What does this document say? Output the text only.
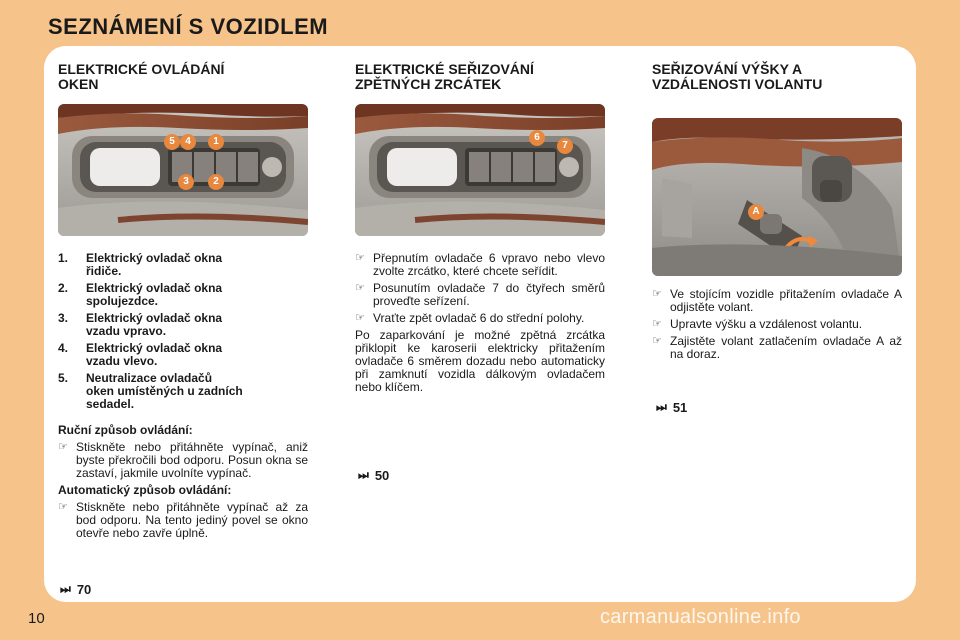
SEZNÁMENÍ S VOZIDLEM
ELEKTRICKÉ OVLÁDÁNÍ
OKEN
5	4	1
3	2
1.	Elektrický ovladač okna
řidiče.
2.	Elektrický ovladač okna
spolujezdce.
3.	Elektrický ovladač okna
vzadu vpravo.
4.	Elektrický ovladač okna
vzadu vlevo.
5.	Neutralizace ovladačů
oken umístěných u zadních
sedadel.
Ruční způsob ovládání:
☞ Stiskněte nebo přitáhněte vypínač, aniž byste překročili bod odporu. Posun okna se zastaví, jakmile uvolníte vypínač.
Automatický způsob ovládání:
☞ Stiskněte nebo přitáhněte vypínač až za bod odporu. Na tento jediný povel se okno otevře nebo zavře úplně.
⏭ 70
ELEKTRICKÉ SEŘIZOVÁNÍ
ZPĚTNÝCH ZRCÁTEK
6
7
☞ Přepnutím ovladače 6 vpravo nebo vlevo zvolte zrcátko, které chcete seřídit.
☞ Posunutím ovladače 7 do čtyřech směrů proveďte seřízení.
☞ Vraťte zpět ovladač 6 do střední polohy.
Po zaparkování je možné zpětná zrcátka přiklopit ke karoserii elektricky přitažením ovladače 6 směrem dozadu nebo automaticky při zamknutí vozidla dálkovým ovladačem nebo klíčem.
⏭ 50
SEŘIZOVÁNÍ VÝŠKY A
VZDÁLENOSTI VOLANTU
A
☞ Ve stojícím vozidle přitažením ovladače A odjistěte volant.
☞ Upravte výšku a vzdálenost volantu.
☞ Zajistěte volant zatlačením ovladače A až na doraz.
⏭ 51
10	carmanualsonline.info
